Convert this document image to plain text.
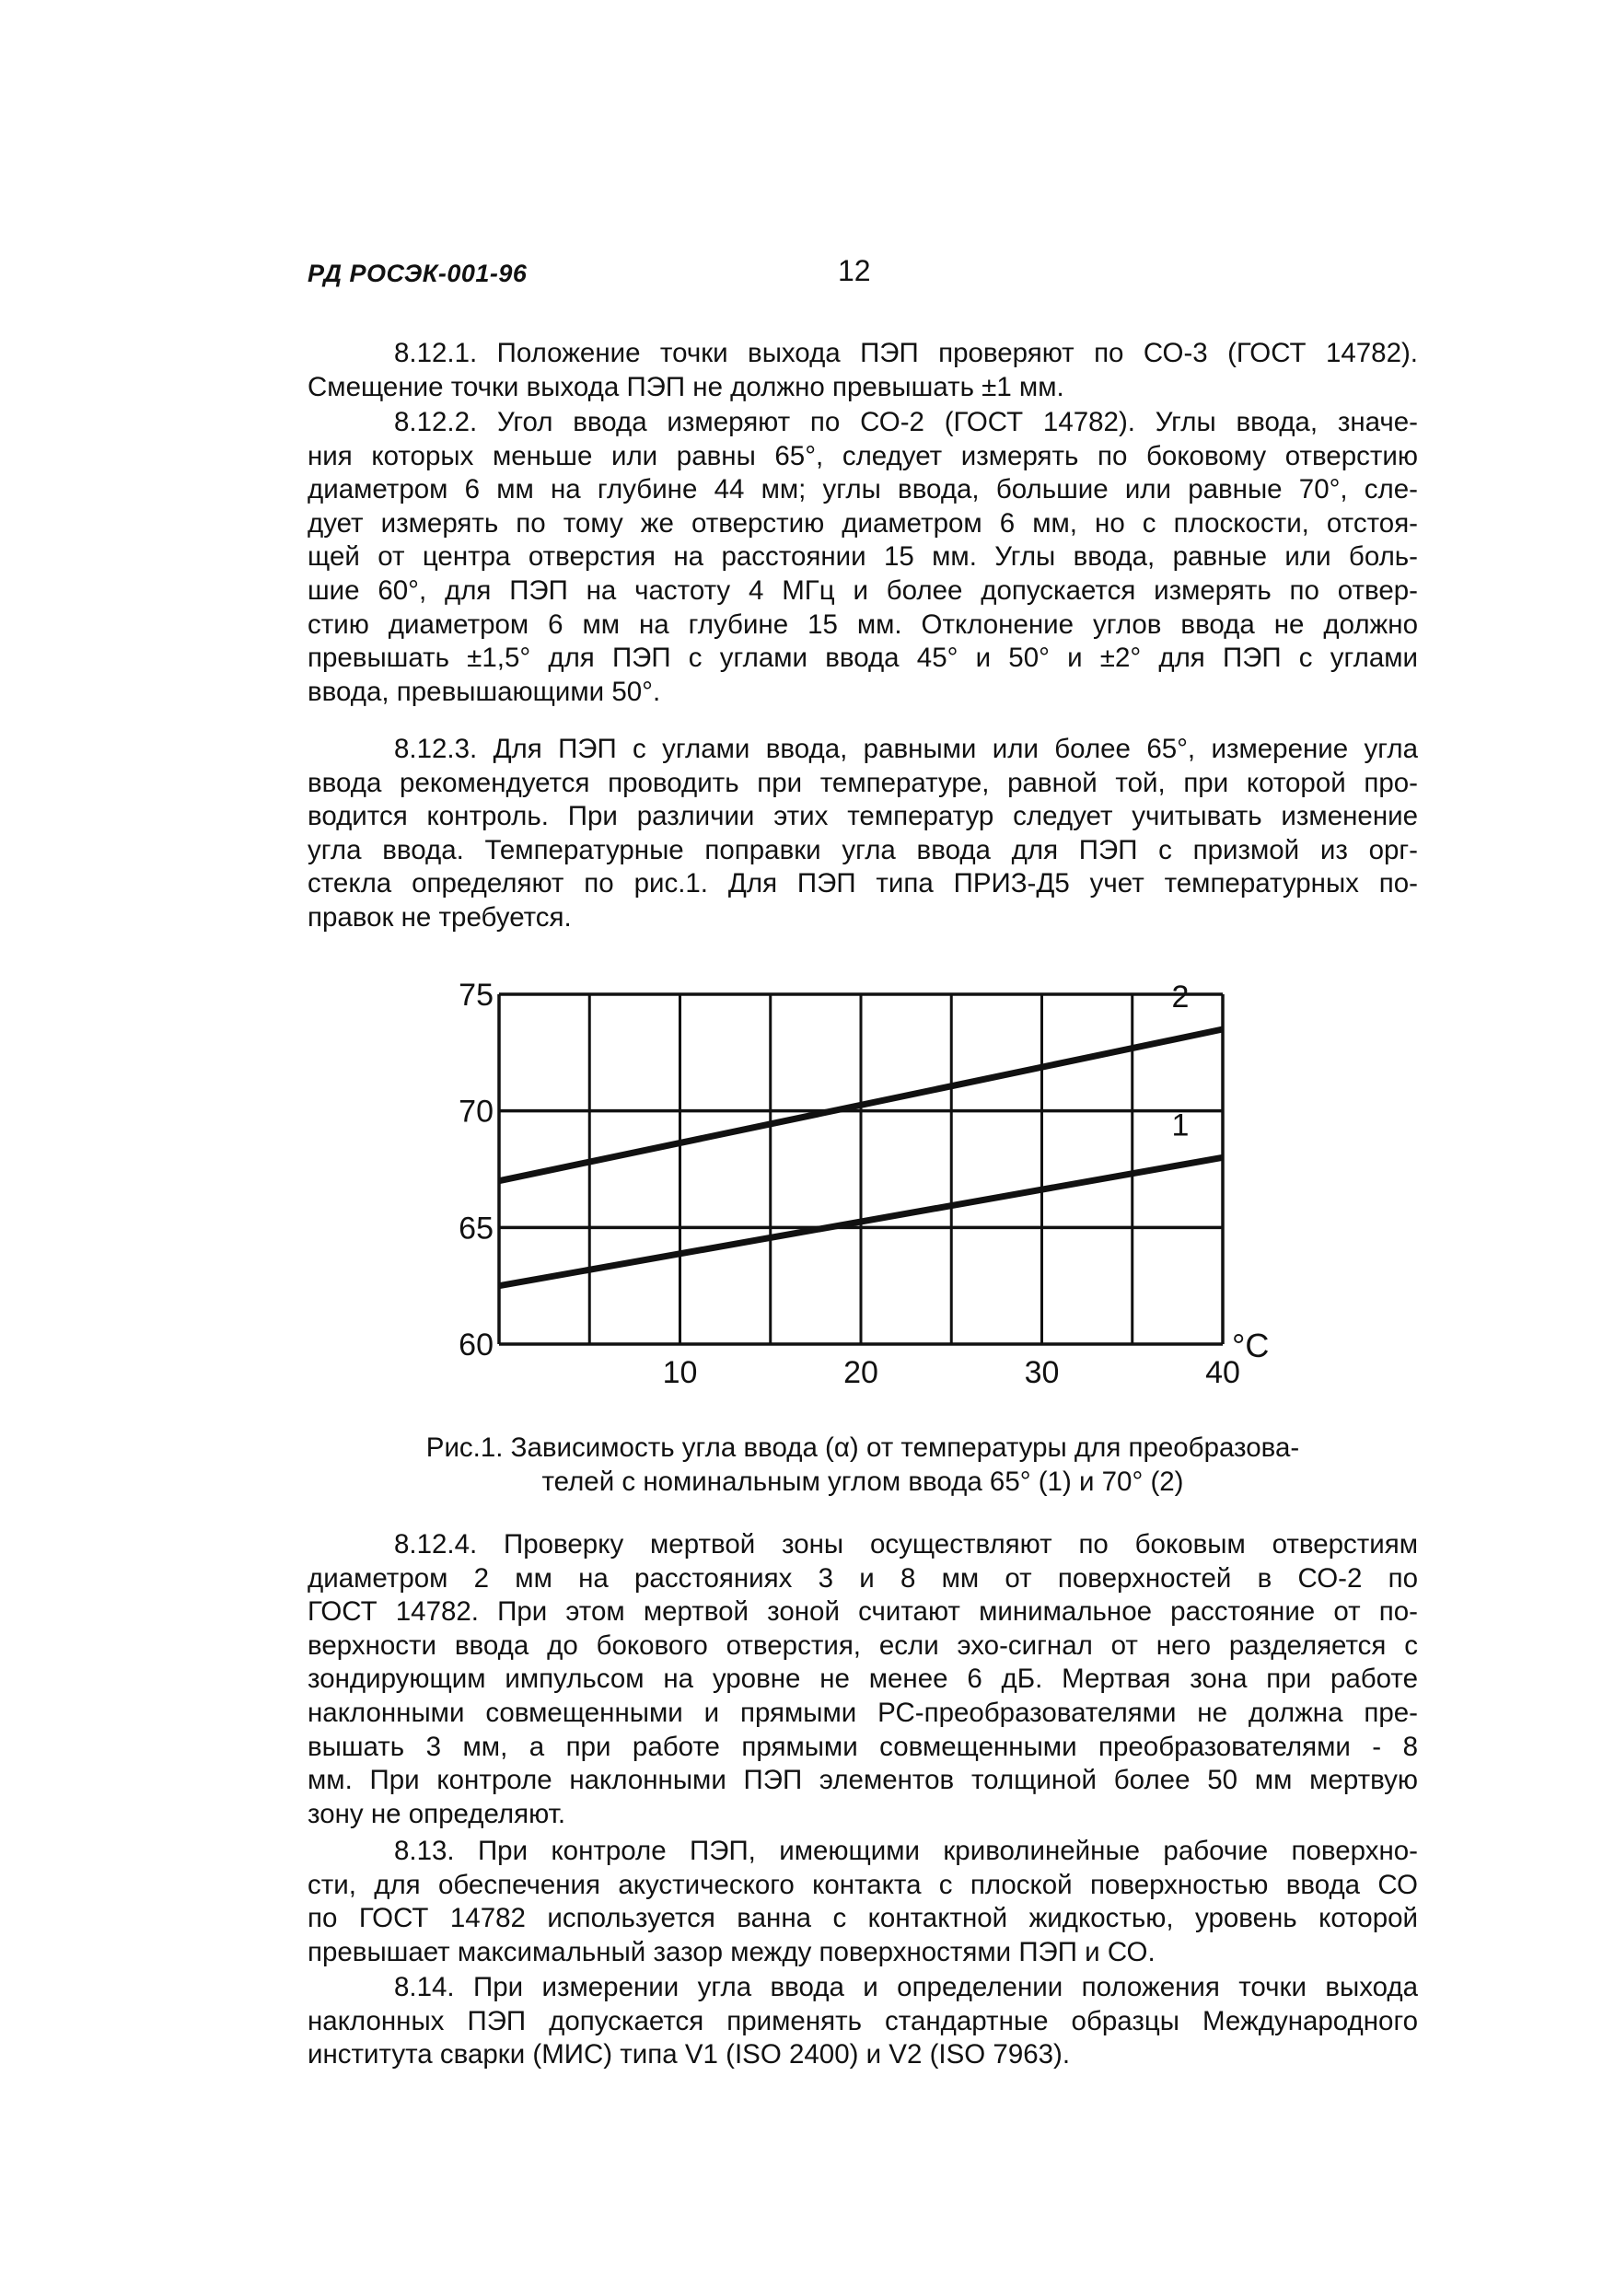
РД РОСЭК-001-96	12
8.12.1. Положение точки выхода ПЭП проверяют по СО-3 (ГОСТ 14782).
Смещение точки выхода ПЭП не должно превышать ±1 мм.
8.12.2. Угол ввода измеряют по СО-2 (ГОСТ 14782). Углы ввода, значе-
ния которых меньше или равны 65°, следует измерять по боковому отверстию
диаметром 6 мм на глубине 44 мм; углы ввода, большие или равные 70°, сле-
дует измерять по тому же отверстию диаметром 6 мм, но с плоскости, отстоя-
щей от центра отверстия на расстоянии 15 мм. Углы ввода, равные или боль-
шие 60°, для ПЭП на частоту 4 МГц и более допускается измерять по отвер-
стию диаметром 6 мм на глубине 15 мм. Отклонение углов ввода не должно
превышать ±1,5° для ПЭП с углами ввода 45° и 50° и ±2° для ПЭП с углами
ввода, превышающими 50°.
8.12.3. Для ПЭП с углами ввода, равными или более 65°, измерение угла
ввода рекомендуется проводить при температуре, равной той, при которой про-
водится контроль. При различии этих температур следует учитывать изменение
угла ввода. Температурные поправки угла ввода для ПЭП с призмой из орг-
стекла определяют по рис.1. Для ПЭП типа ПРИЗ-Д5 учет температурных по-
правок не требуется.
60
65
70
75
10	20	30	40
°C
1
2
Рис.1. Зависимость угла ввода (α) от температуры для преобразова-
телей с номинальным углом ввода 65° (1) и 70° (2)
8.12.4. Проверку мертвой зоны осуществляют по боковым отверстиям
диаметром 2 мм на расстояниях 3 и 8 мм от поверхностей в СО-2 по
ГОСТ 14782. При этом мертвой зоной считают минимальное расстояние от по-
верхности ввода до бокового отверстия, если эхо-сигнал от него разделяется с
зондирующим импульсом на уровне не менее 6 дБ. Мертвая зона при работе
наклонными совмещенными и прямыми РС-преобразователями не должна пре-
вышать 3 мм, а при работе прямыми совмещенными преобразователями - 8
мм. При контроле наклонными ПЭП элементов толщиной более 50 мм мертвую
зону не определяют.
8.13. При контроле ПЭП, имеющими криволинейные рабочие поверхно-
сти, для обеспечения акустического контакта с плоской поверхностью ввода СО
по ГОСТ 14782 используется ванна с контактной жидкостью, уровень которой
превышает максимальный зазор между поверхностями ПЭП и СО.
8.14. При измерении угла ввода и определении положения точки выхода
наклонных ПЭП допускается применять стандартные образцы Международного
института сварки (МИС) типа V1 (ISO 2400) и V2 (ISO 7963).
